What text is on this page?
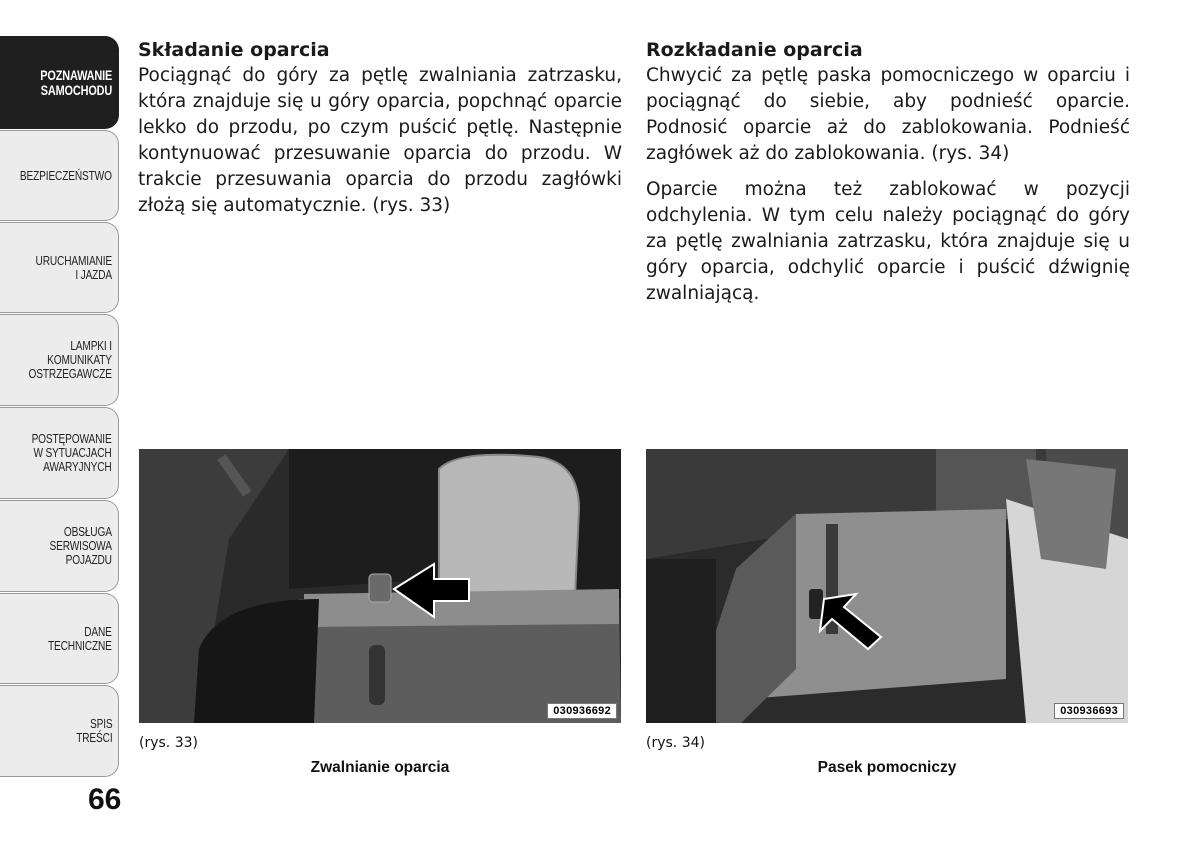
POZNAWANIE
SAMOCHODU
BEZPIECZEŃSTWO
URUCHAMIANIE
I JAZDA
LAMPKI I
KOMUNIKATY
OSTRZEGAWCZE
POSTĘPOWANIE
W SYTUACJACH
AWARYJNYCH
OBSŁUGA
SERWISOWA
POJAZDU
DANE
TECHNICZNE
SPIS
TREŚCI
66
Składanie oparcia

Pociągnąć do góry za pętlę zwalniania zatrzasku, która znajduje się u góry oparcia, popchnąć oparcie lekko do przodu, po czym puścić pętlę. Następnie kontynuować przesuwanie oparcia do przodu. W trakcie przesuwania oparcia do przodu zagłówki złożą się automatycznie. (rys. 33)

Rozkładanie oparcia

Chwycić za pętlę paska pomocniczego w oparciu i pociągnąć do siebie, aby podnieść oparcie. Podnosić oparcie aż do zablokowania. Podnieść zagłówek aż do zablokowania. (rys. 34)

Oparcie można też zablokować w pozycji odchylenia. W tym celu należy pociągnąć do góry za pętlę zwalniania zatrzasku, która znajduje się u góry oparcia, odchylić oparcie i puścić dźwignię zwalniającą.

030936692	030936693
(rys. 33)
Zwalnianie oparcia
(rys. 34)
Pasek pomocniczy
